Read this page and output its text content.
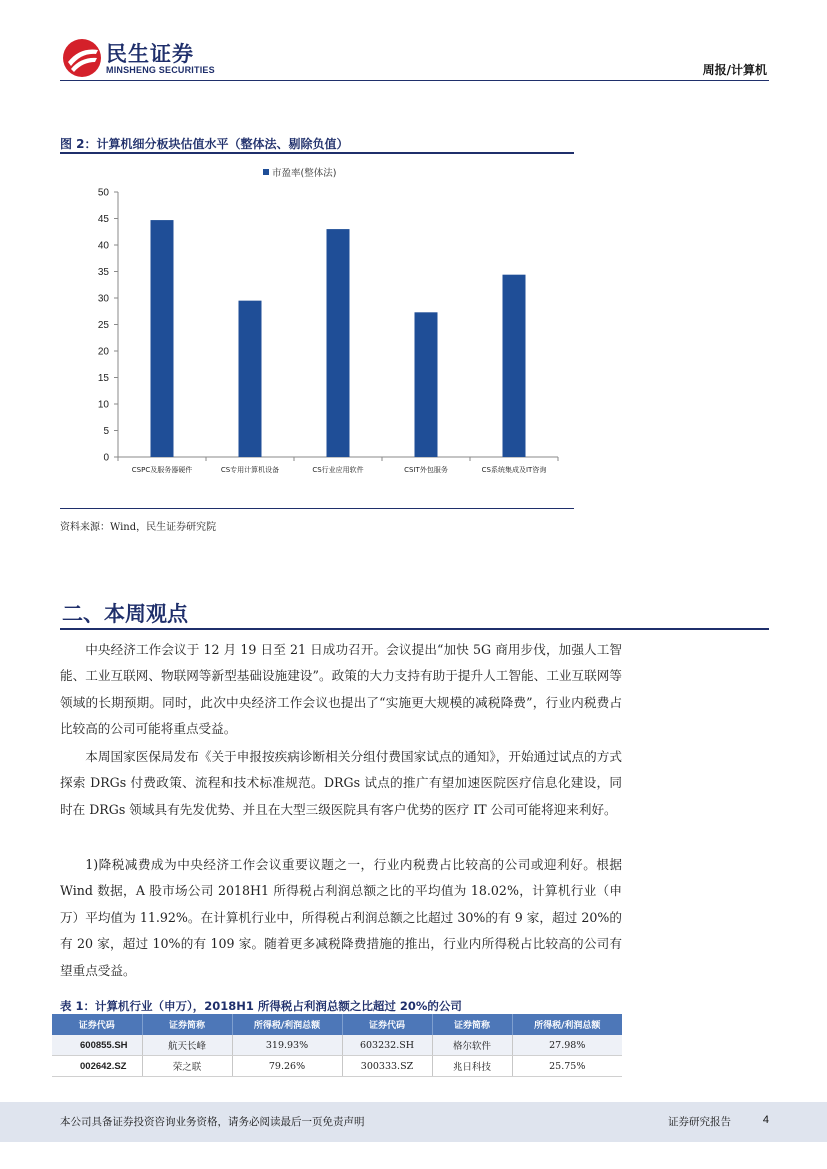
民生证券
MINSHENG SECURITIES	周报/计算机
图 2：计算机细分板块估值水平（整体法、剔除负值）
市盈率(整体法)
0
5
10
15
20
25
30
35
40
45
50
CSPC及服务器硬件	CS专用计算机设备	CS行业应用软件	CSIT外包服务	CS系统集成及IT咨询
资料来源：Wind，民生证券研究院
二、本周观点

中央经济工作会议于 12 月 19 日至 21 日成功召开。会议提出“加快 5G 商用步伐，加强人工智能、工业互联网、物联网等新型基础设施建设”。政策的大力支持有助于提升人工智能、工业互联网等领域的长期预期。同时，此次中央经济工作会议也提出了“实施更大规模的减税降费”，行业内税费占比较高的公司可能将重点受益。

本周国家医保局发布《关于申报按疾病诊断相关分组付费国家试点的通知》，开始通过试点的方式探索 DRGs 付费政策、流程和技术标准规范。DRGs 试点的推广有望加速医院医疗信息化建设，同时在 DRGs 领域具有先发优势、并且在大型三级医院具有客户优势的医疗 IT 公司可能将迎来利好。

1)降税减费成为中央经济工作会议重要议题之一，行业内税费占比较高的公司或迎利好。根据 Wind 数据，A 股市场公司 2018H1 所得税占利润总额之比的平均值为 18.02%，计算机行业（申万）平均值为 11.92%。在计算机行业中，所得税占利润总额之比超过 30%的有 9 家，超过 20%的有 20 家，超过 10%的有 109 家。随着更多减税降费措施的推出，行业内所得税占比较高的公司有望重点受益。

表 1：计算机行业（申万），2018H1 所得税占利润总额之比超过 20%的公司
证券代码	证券简称	所得税/利润总额	证券代码	证券简称	所得税/利润总额
600855.SH	航天长峰	319.93%	603232.SH	格尔软件	27.98%
002642.SZ	荣之联	79.26%	300333.SZ	兆日科技	25.75%
本公司具备证券投资咨询业务资格，请务必阅读最后一页免责声明	证券研究报告	4
